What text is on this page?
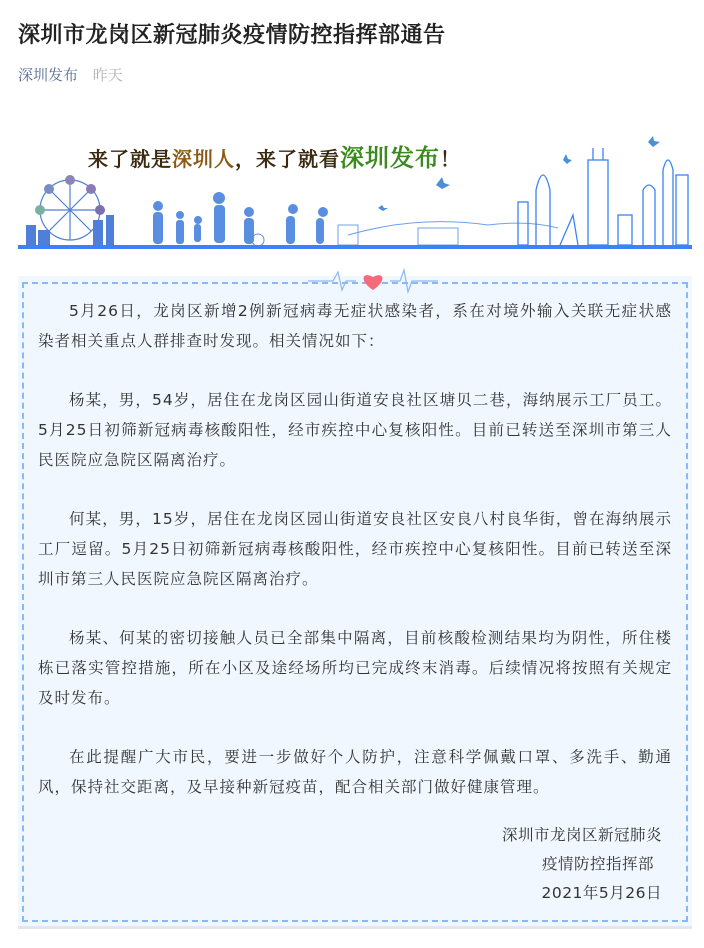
深圳市龙岗区新冠肺炎疫情防控指挥部通告
深圳发布 昨天
来了就是深圳人，来了就看深圳发布！

5月26日，龙岗区新增2例新冠病毒无症状感染者，系在对境外输入关联无症状感染者相关重点人群排查时发现。相关情况如下：

杨某，男，54岁，居住在龙岗区园山街道安良社区塘贝二巷，海纳展示工厂员工。5月25日初筛新冠病毒核酸阳性，经市疾控中心复核阳性。目前已转送至深圳市第三人民医院应急院区隔离治疗。

何某，男，15岁，居住在龙岗区园山街道安良社区安良八村良华街，曾在海纳展示工厂逗留。5月25日初筛新冠病毒核酸阳性，经市疾控中心复核阳性。目前已转送至深圳市第三人民医院应急院区隔离治疗。

杨某、何某的密切接触人员已全部集中隔离，目前核酸检测结果均为阴性，所住楼栋已落实管控措施，所在小区及途经场所均已完成终末消毒。后续情况将按照有关规定及时发布。

在此提醒广大市民，要进一步做好个人防护，注意科学佩戴口罩、多洗手、勤通风，保持社交距离，及早接种新冠疫苗，配合相关部门做好健康管理。

深圳市龙岗区新冠肺炎
疫情防控指挥部
2021年5月26日
